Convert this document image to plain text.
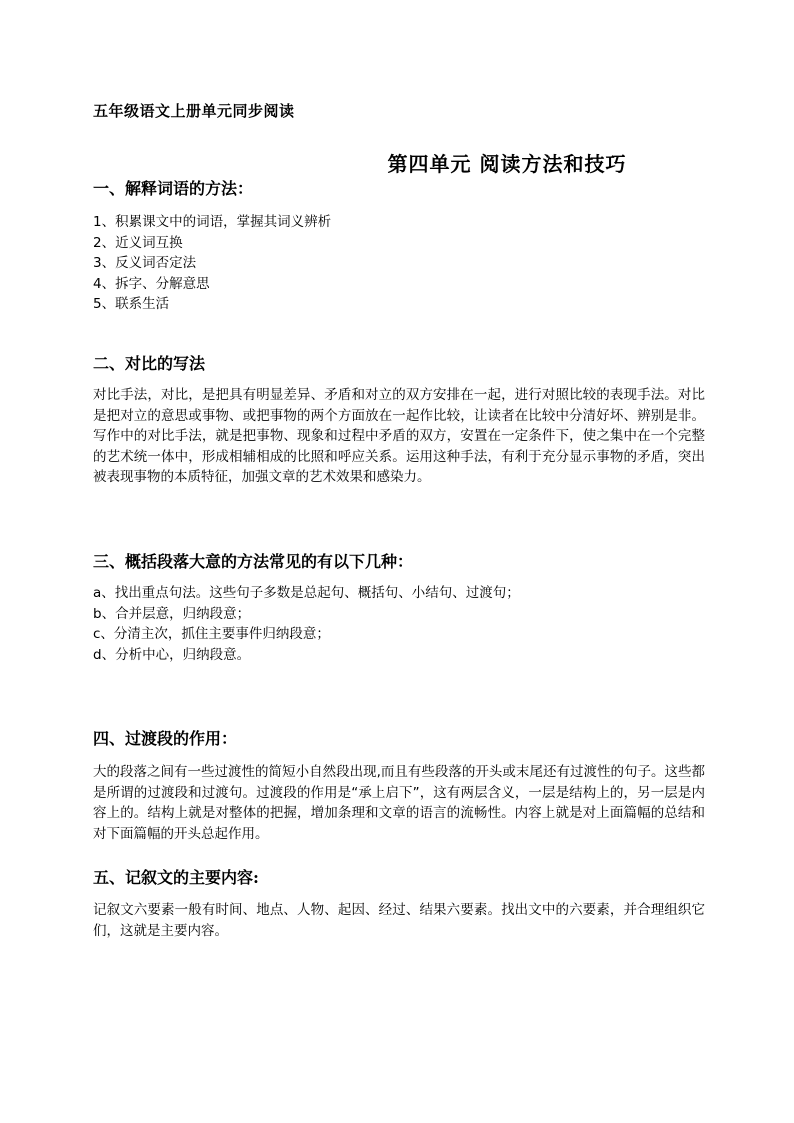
五年级语文上册单元同步阅读
第四单元 阅读方法和技巧
一、解释词语的方法：
1、积累课文中的词语，掌握其词义辨析
2、近义词互换
3、反义词否定法
4、拆字、分解意思
5、联系生活
二、对比的写法

对比手法，对比，是把具有明显差异、矛盾和对立的双方安排在一起，进行对照比较的表现手法。对比是把对立的意思或事物、或把事物的两个方面放在一起作比较，让读者在比较中分清好坏、辨别是非。写作中的对比手法，就是把事物、现象和过程中矛盾的双方，安置在一定条件下，使之集中在一个完整的艺术统一体中，形成相辅相成的比照和呼应关系。运用这种手法，有利于充分显示事物的矛盾，突出被表现事物的本质特征，加强文章的艺术效果和感染力。

三、概括段落大意的方法常见的有以下几种：
a、找出重点句法。这些句子多数是总起句、概括句、小结句、过渡句；
b、合并层意，归纳段意；
c、分清主次，抓住主要事件归纳段意；
d、分析中心，归纳段意。
四、过渡段的作用：

大的段落之间有一些过渡性的简短小自然段出现,而且有些段落的开头或末尾还有过渡性的句子。这些都是所谓的过渡段和过渡句。过渡段的作用是“承上启下”，这有两层含义，一层是结构上的，另一层是内容上的。结构上就是对整体的把握，增加条理和文章的语言的流畅性。内容上就是对上面篇幅的总结和对下面篇幅的开头总起作用。

五、记叙文的主要内容:

记叙文六要素一般有时间、地点、人物、起因、经过、结果六要素。找出文中的六要素，并合理组织它们，这就是主要内容。
